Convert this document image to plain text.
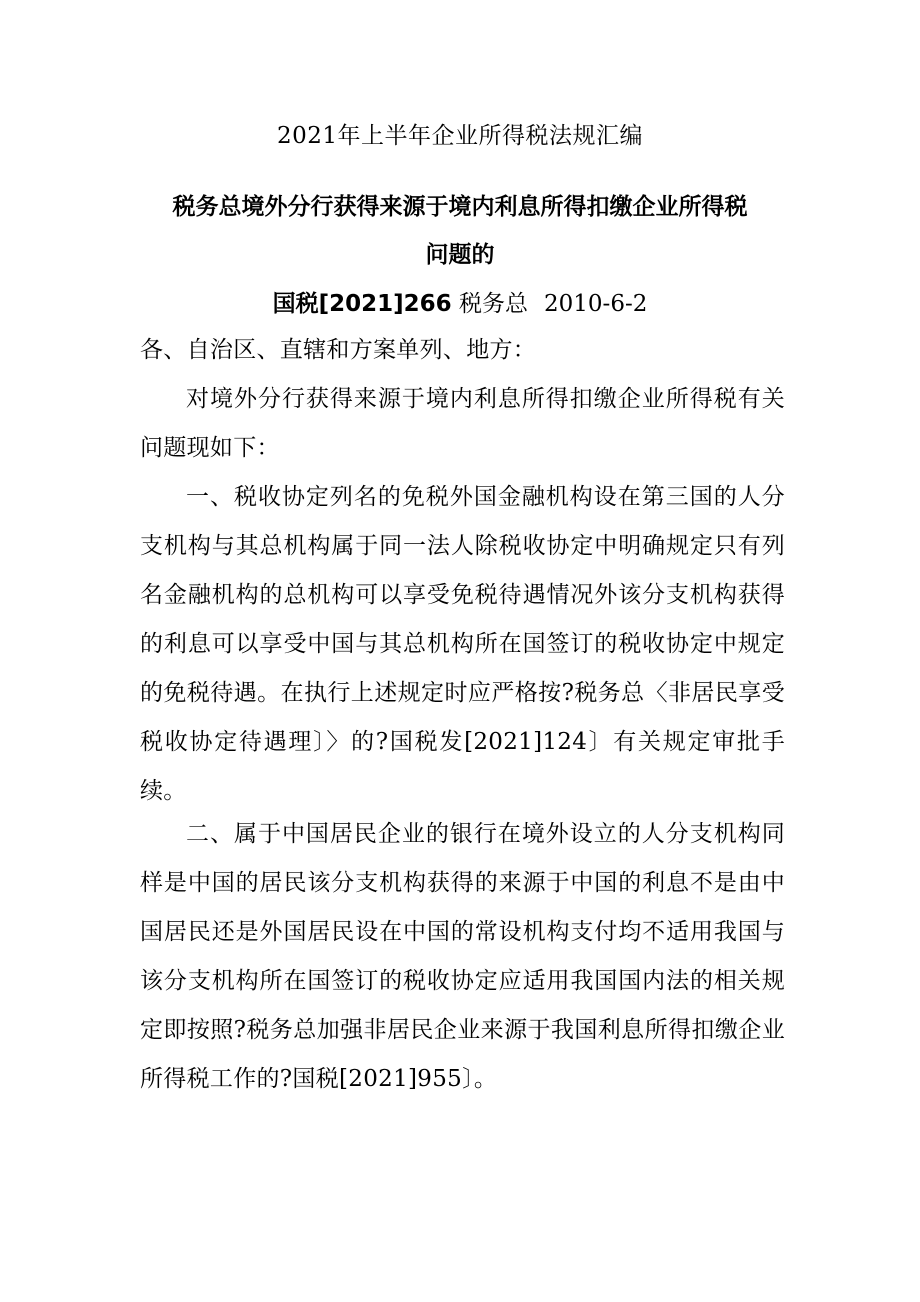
2021年上半年企业所得税法规汇编
税务总境外分行获得来源于境内利息所得扣缴企业所得税
问题的
国税[2021]266 税务总 2010-6-2
各、自治区、直辖和方案单列、地方：

对境外分行获得来源于境内利息所得扣缴企业所得税有关问题现如下：

一、税收协定列名的免税外国金融机构设在第三国的人分支机构与其总机构属于同一法人除税收协定中明确规定只有列名金融机构的总机构可以享受免税待遇情况外该分支机构获得的利息可以享受中国与其总机构所在国签订的税收协定中规定的免税待遇。在执行上述规定时应严格按?税务总〈非居民享受税收协定待遇理〕〉的?国税发[2021]124〕有关规定审批手续。

二、属于中国居民企业的银行在境外设立的人分支机构同样是中国的居民该分支机构获得的来源于中国的利息不是由中国居民还是外国居民设在中国的常设机构支付均不适用我国与该分支机构所在国签订的税收协定应适用我国国内法的相关规定即按照?税务总加强非居民企业来源于我国利息所得扣缴企业所得税工作的?国税[2021]955〕。
